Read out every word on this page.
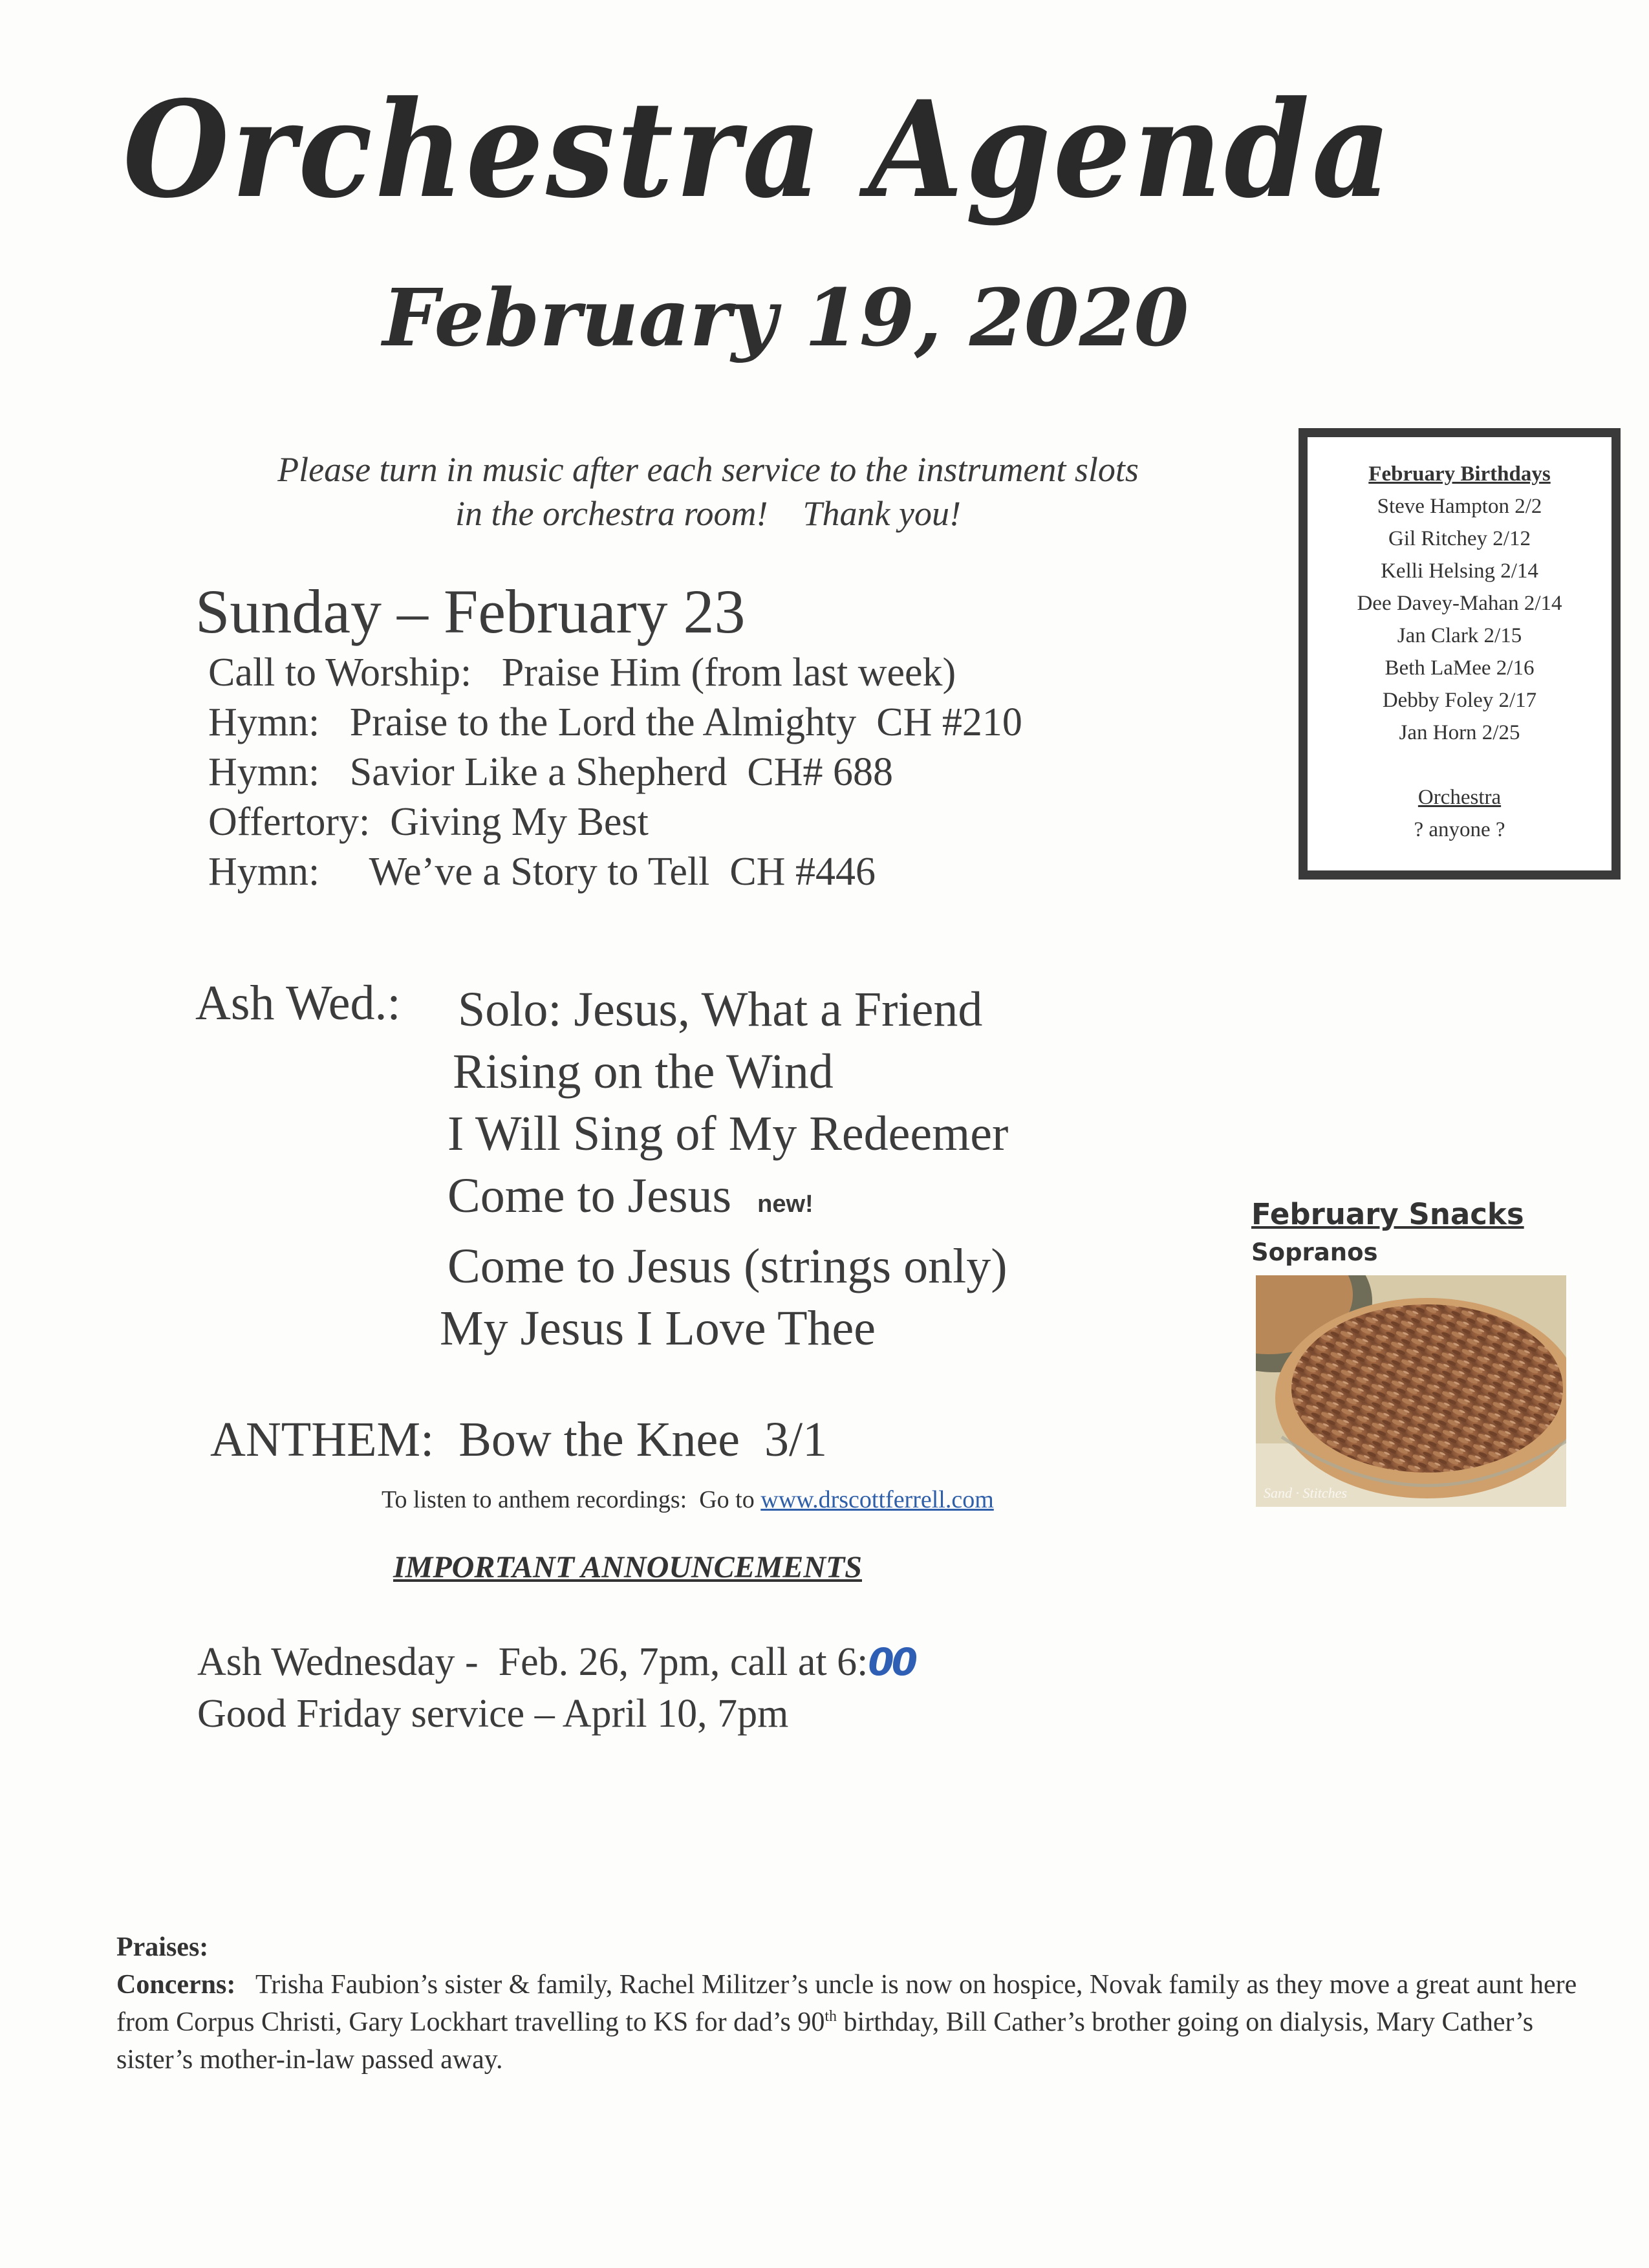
Orchestra Agenda
February 19, 2020
Please turn in music after each service to the instrument slots
in the orchestra room!    Thank you!
Sunday – February 23
Call to Worship:   Praise Him (from last week)
Hymn:   Praise to the Lord the Almighty  CH #210
Hymn:   Savior Like a Shepherd  CH# 688
Offertory:  Giving My Best
Hymn:     We’ve a Story to Tell  CH #446
Ash Wed.: Solo: Jesus, What a Friend
Rising on the Wind
I Will Sing of My Redeemer
Come to Jesus new!
Come to Jesus (strings only)
My Jesus I Love Thee
ANTHEM:  Bow the Knee  3/1
To listen to anthem recordings:  Go to www.drscottferrell.com
IMPORTANT ANNOUNCEMENTS
Ash Wednesday -  Feb. 26, 7pm, call at 6:00
Good Friday service – April 10, 7pm
February Birthdays
Steve Hampton 2/2
Gil Ritchey 2/12
Kelli Helsing 2/14
Dee Davey-Mahan 2/14
Jan Clark 2/15
Beth LaMee 2/16
Debby Foley 2/17
Jan Horn 2/25
Orchestra
? anyone ?
February Snacks
Sopranos
Sand · Stitches
Praises:
Concerns:   Trisha Faubion’s sister & family, Rachel Militzer’s uncle is now on hospice, Novak family as they move a great aunt here from Corpus Christi, Gary Lockhart travelling to KS for dad’s 90th birthday, Bill Cather’s brother going on dialysis, Mary Cather’s sister’s mother-in-law passed away.
